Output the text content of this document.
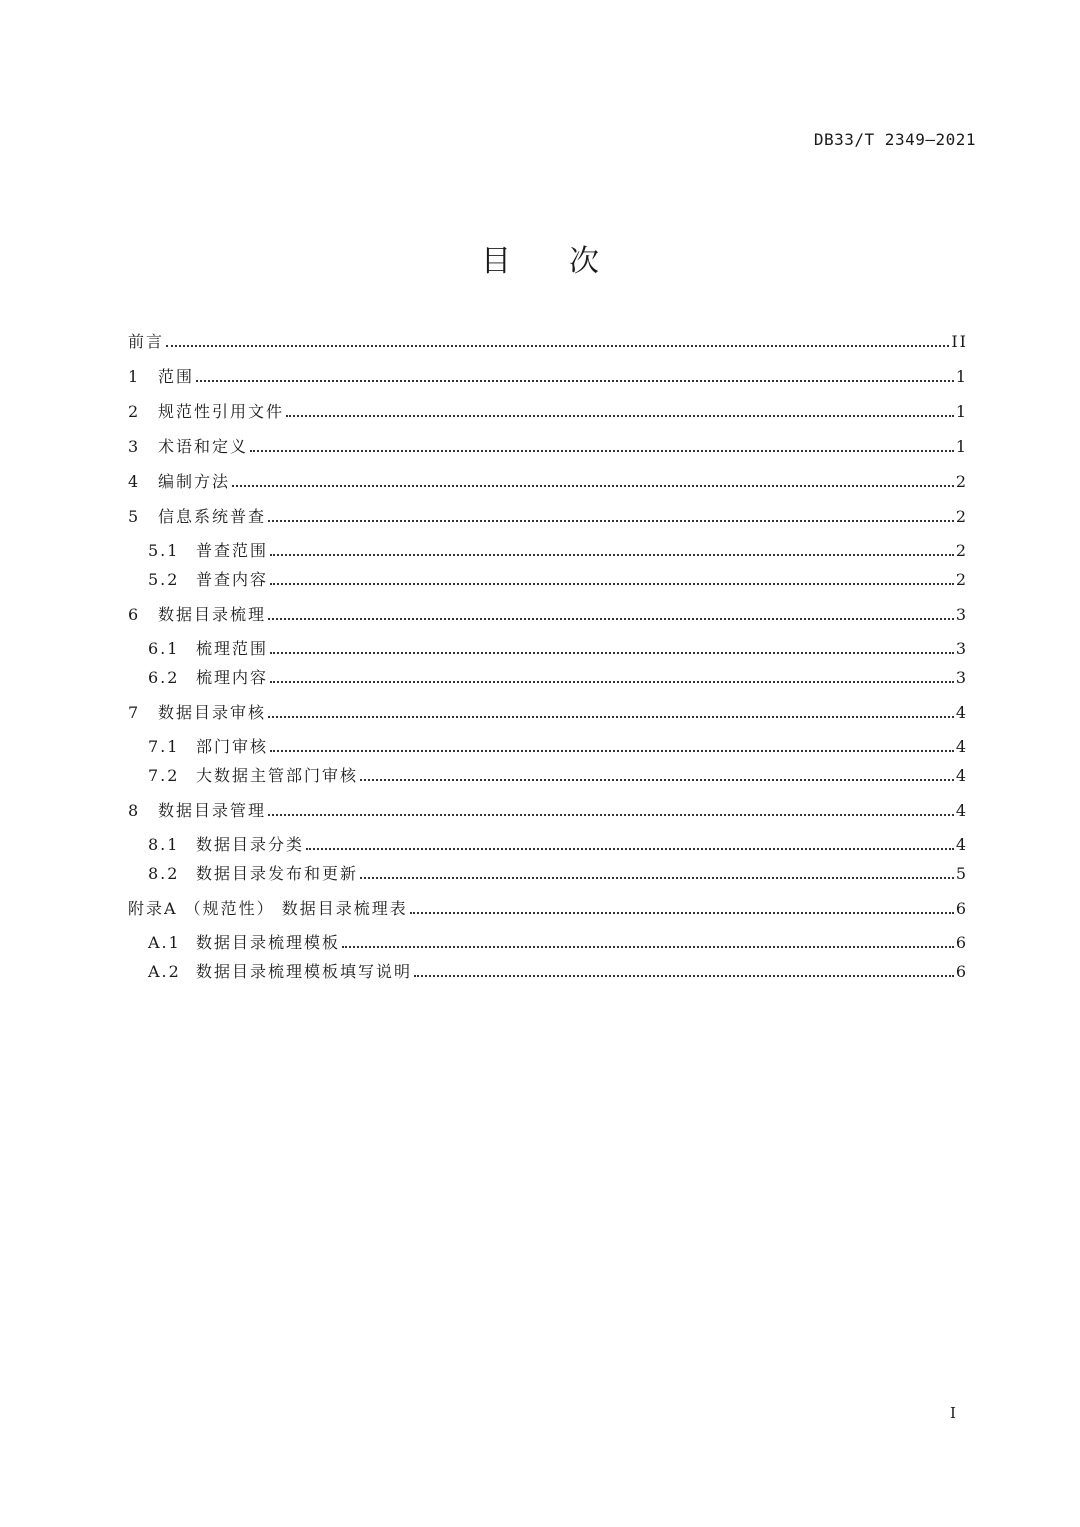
DB33/T 2349—2021
目 次
前言	II
1	范围	1
2	规范性引用文件	1
3	术语和定义	1
4	编制方法	2
5	信息系统普查	2
5.1	普查范围	2
5.2	普查内容	2
6	数据目录梳理	3
6.1	梳理范围	3
6.2	梳理内容	3
7	数据目录审核	4
7.1	部门审核	4
7.2	大数据主管部门审核	4
8	数据目录管理	4
8.1	数据目录分类	4
8.2	数据目录发布和更新	5
附录A （规范性） 数据目录梳理表	6
A.1 数据目录梳理模板	6
A.2 数据目录梳理模板填写说明	6
I
